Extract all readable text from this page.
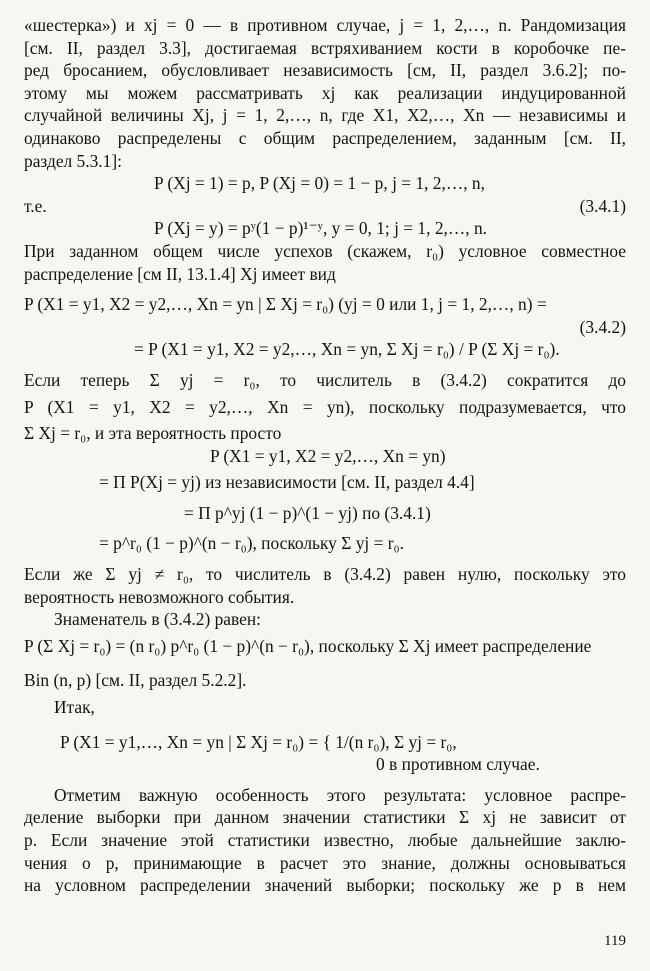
«шестерка») и xj = 0 — в противном случае, j = 1, 2,…, n. Рандомизация
[см. II, раздел 3.3], достигаемая встряхиванием кости в коробочке пе-
ред бросанием, обусловливает независимость [см, II, раздел 3.6.2]; по-
этому мы можем рассматривать xj как реализации индуцированной
случайной величины Xj, j = 1, 2,…, n, где X1, X2,…, Xn — независимы и
одинаково распределены с общим распределением, заданным [см. II,
раздел 5.3.1]:
P (Xj = 1) = p, P (Xj = 0) = 1 − p, j = 1, 2,…, n,
т.е.	(3.4.1)
P (Xj = y) = pʸ(1 − p)¹⁻ʸ, y = 0, 1; j = 1, 2,…, n.
При заданном общем числе успехов (скажем, r₀) условное совместное
распределение [см II, 13.1.4] Xj имеет вид
P (X1 = y1, X2 = y2,…, Xn = yn | Σ Xj = r₀) (yj = 0 или 1, j = 1, 2,…, n) =

(3.4.2)
= P (X1 = y1, X2 = y2,…, Xn = yn, Σ Xj = r₀) / P (Σ Xj = r₀).
Если теперь Σ yj = r₀, то числитель в (3.4.2) сократится до
P (X1 = y1, X2 = y2,…, Xn = yn), поскольку подразумевается, что
Σ Xj = r₀, и эта вероятность просто
P (X1 = y1, X2 = y2,…, Xn = yn)
= Π P(Xj = yj) из независимости [см. II, раздел 4.4]
= Π p^yj (1 − p)^(1 − yj) по (3.4.1)
= p^r₀ (1 − p)^(n − r₀), поскольку Σ yj = r₀.
Если же Σ yj ≠ r₀, то числитель в (3.4.2) равен нулю, поскольку это
вероятность невозможного события.
Знаменатель в (3.4.2) равен:
P (Σ Xj = r₀) = (n r₀) p^r₀ (1 − p)^(n − r₀), поскольку Σ Xj имеет распределение
Bin (n, p) [см. II, раздел 5.2.2].
Итак,
P (X1 = y1,…, Xn = yn | Σ Xj = r₀) = { 1/(n r₀), Σ yj = r₀,
0 в противном случае.
Отметим важную особенность этого результата: условное распре-
деление выборки при данном значении статистики Σ xj не зависит от
p. Если значение этой статистики известно, любые дальнейшие заклю-
чения о p, принимающие в расчет это знание, должны основываться
на условном распределении значений выборки; поскольку же p в нем
119
